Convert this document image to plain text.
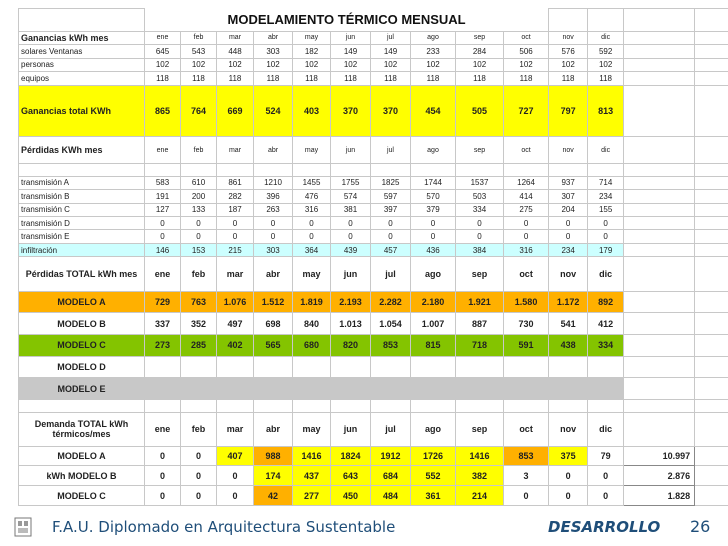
	MODELAMIENTO TÉRMICO MENSUAL													
Ganancias kWh mes	ene	feb	mar	abr	may	jun	jul	ago	sep	oct	nov	dic		
solares Ventanas	645	543	448	303	182	149	149	233	284	506	576	592		
personas	102	102	102	102	102	102	102	102	102	102	102	102		
equipos	118	118	118	118	118	118	118	118	118	118	118	118		
Ganancias total KWh	865	764	669	524	403	370	370	454	505	727	797	813		
Pérdidas KWh mes	ene	feb	mar	abr	may	jun	jul	ago	sep	oct	nov	dic		

transmisión A	583	610	861	1210	1455	1755	1825	1744	1537	1264	937	714		
transmisión B	191	200	282	396	476	574	597	570	503	414	307	234		
transmisión C	127	133	187	263	316	381	397	379	334	275	204	155		
transmisión D	0	0	0	0	0	0	0	0	0	0	0	0		
transmisión E	0	0	0	0	0	0	0	0	0	0	0	0		
infiltración	146	153	215	303	364	439	457	436	384	316	234	179		
Pérdidas TOTAL kWh mes	ene	feb	mar	abr	may	jun	jul	ago	sep	oct	nov	dic		
MODELO A	729	763	1.076	1.512	1.819	2.193	2.282	2.180	1.921	1.580	1.172	892		
MODELO B	337	352	497	698	840	1.013	1.054	1.007	887	730	541	412		
MODELO C	273	285	402	565	680	820	853	815	718	591	438	334		
MODELO D														
MODELO E														

Demanda TOTAL kWh térmicos/mes	ene	feb	mar	abr	may	jun	jul	ago	sep	oct	nov	dic		
MODELO A	0	0	407	988	1416	1824	1912	1726	1416	853	375	79	10.997	
kWh MODELO B	0	0	0	174	437	643	684	552	382	3	0	0	2.876	
MODELO C	0	0	0	42	277	450	484	361	214	0	0	0	1.828	
F.A.U. Diplomado en Arquitectura Sustentable	DESARROLLO 26
